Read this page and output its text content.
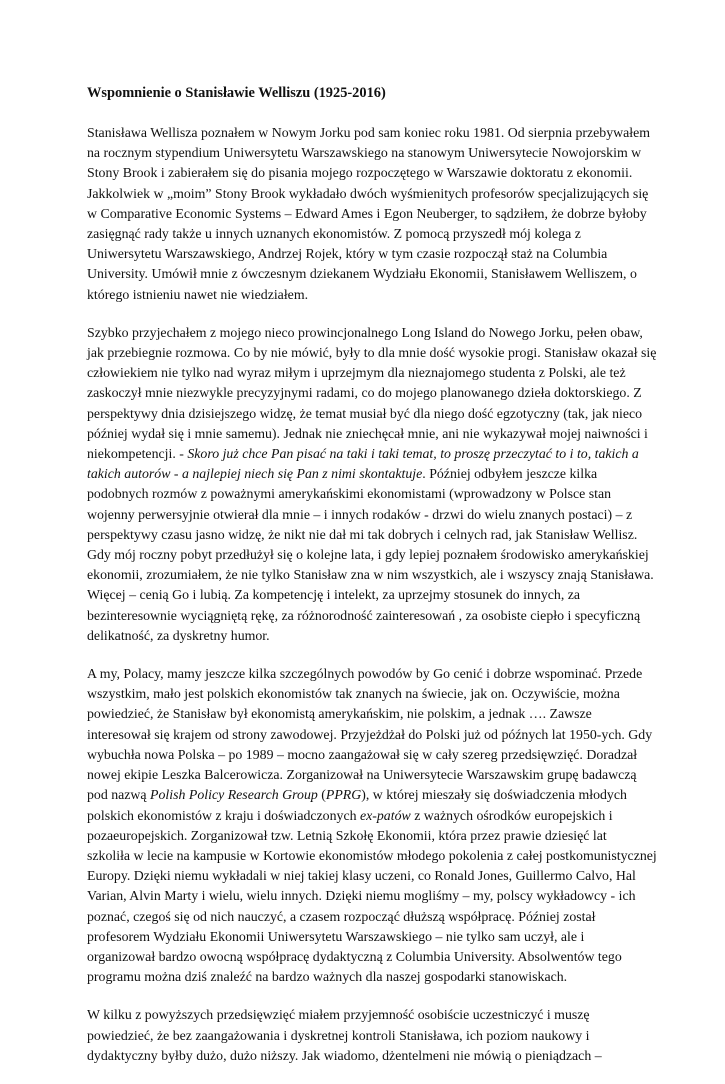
Wspomnienie o Stanisławie Welliszu (1925-2016)
Stanisława Wellisza poznałem w Nowym Jorku pod sam koniec roku 1981. Od sierpnia przebywałem
na rocznym stypendium Uniwersytetu Warszawskiego na stanowym Uniwersytecie Nowojorskim w
Stony Brook i zabierałem się do pisania mojego rozpoczętego w Warszawie doktoratu z ekonomii.
Jakkolwiek w „moim” Stony Brook wykładało dwóch wyśmienitych profesorów specjalizujących się
w Comparative Economic Systems – Edward Ames i Egon Neuberger, to sądziłem, że dobrze byłoby
zasięgnąć rady także u innych uznanych ekonomistów. Z pomocą przyszedł mój kolega z
Uniwersytetu Warszawskiego, Andrzej Rojek, który w tym czasie rozpoczął staż na Columbia
University. Umówił mnie z ówczesnym dziekanem Wydziału Ekonomii, Stanisławem Welliszem, o
którego istnieniu nawet nie wiedziałem.
Szybko przyjechałem z mojego nieco prowincjonalnego Long Island do Nowego Jorku, pełen obaw,
jak przebiegnie rozmowa. Co by nie mówić, były to dla mnie dość wysokie progi. Stanisław okazał się
człowiekiem nie tylko nad wyraz miłym i uprzejmym dla nieznajomego studenta z Polski, ale też
zaskoczył mnie niezwykle precyzyjnymi radami, co do mojego planowanego dzieła doktorskiego. Z
perspektywy dnia dzisiejszego widzę, że temat musiał być dla niego dość egzotyczny (tak, jak nieco
później wydał się i mnie samemu). Jednak nie zniechęcał mnie, ani nie wykazywał mojej naiwności i
niekompetencji. - Skoro już chce Pan pisać na taki i taki temat, to proszę przeczytać to i to, takich a
takich autorów - a najlepiej niech się Pan z nimi skontaktuje. Później odbyłem jeszcze kilka
podobnych rozmów z poważnymi amerykańskimi ekonomistami (wprowadzony w Polsce stan
wojenny perwersyjnie otwierał dla mnie – i innych rodaków - drzwi do wielu znanych postaci) – z
perspektywy czasu jasno widzę, że nikt nie dał mi tak dobrych i celnych rad, jak Stanisław Wellisz.
Gdy mój roczny pobyt przedłużył się o kolejne lata, i gdy lepiej poznałem środowisko amerykańskiej
ekonomii, zrozumiałem, że nie tylko Stanisław zna w nim wszystkich, ale i wszyscy znają Stanisława.
Więcej – cenią Go i lubią. Za kompetencję i intelekt, za uprzejmy stosunek do innych, za
bezinteresownie wyciągniętą rękę, za różnorodność zainteresowań , za osobiste ciepło i specyficzną
delikatność, za dyskretny humor.
A my, Polacy, mamy jeszcze kilka szczególnych powodów by Go cenić i dobrze wspominać. Przede
wszystkim, mało jest polskich ekonomistów tak znanych na świecie, jak on. Oczywiście, można
powiedzieć, że Stanisław był ekonomistą amerykańskim, nie polskim, a jednak …. Zawsze
interesował się krajem od strony zawodowej. Przyjeżdżał do Polski już od późnych lat 1950-ych. Gdy
wybuchła nowa Polska – po 1989 – mocno zaangażował się w cały szereg przedsięwzięć. Doradzał
nowej ekipie Leszka Balcerowicza. Zorganizował na Uniwersytecie Warszawskim grupę badawczą
pod nazwą Polish Policy Research Group (PPRG), w której mieszały się doświadczenia młodych
polskich ekonomistów z kraju i doświadczonych ex-patów z ważnych ośrodków europejskich i
pozaeuropejskich. Zorganizował tzw. Letnią Szkołę Ekonomii, która przez prawie dziesięć lat
szkoliła w lecie na kampusie w Kortowie ekonomistów młodego pokolenia z całej postkomunistycznej
Europy. Dzięki niemu wykładali w niej takiej klasy uczeni, co Ronald Jones, Guillermo Calvo, Hal
Varian, Alvin Marty i wielu, wielu innych. Dzięki niemu mogliśmy – my, polscy wykładowcy - ich
poznać, czegoś się od nich nauczyć, a czasem rozpocząć dłuższą współpracę. Później został
profesorem Wydziału Ekonomii Uniwersytetu Warszawskiego – nie tylko sam uczył, ale i
organizował bardzo owocną współpracę dydaktyczną z Columbia University. Absolwentów tego
programu można dziś znaleźć na bardzo ważnych dla naszej gospodarki stanowiskach.
W kilku z powyższych przedsięwzięć miałem przyjemność osobiście uczestniczyć i muszę
powiedzieć, że bez zaangażowania i dyskretnej kontroli Stanisława, ich poziom naukowy i
dydaktyczny byłby dużo, dużo niższy. Jak wiadomo, dżentelmeni nie mówią o pieniądzach –
